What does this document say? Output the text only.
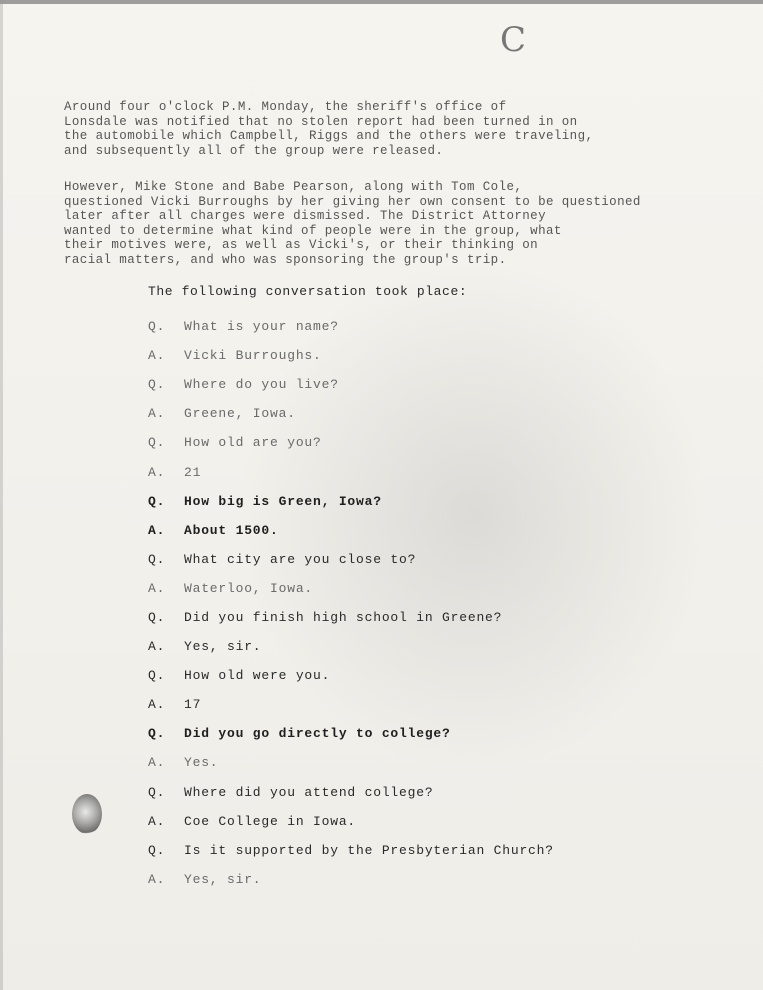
C
Around four o'clock P.M. Monday, the sheriff's office of
Lonsdale was notified that no stolen report had been turned in on
the automobile which Campbell, Riggs and the others were traveling,
and subsequently all of the group were released.
However, Mike Stone and Babe Pearson, along with Tom Cole,
questioned Vicki Burroughs by her giving her own consent to be questioned
later after all charges were dismissed. The District Attorney
wanted to determine what kind of people were in the group, what
their motives were, as well as Vicki's, or their thinking on
racial matters, and who was sponsoring the group's trip.
The following conversation took place:
Q.	What is your name?
A.	Vicki Burroughs.
Q.	Where do you live?
A.	Greene, Iowa.
Q.	How old are you?
A.	21
Q.	How big is Green, Iowa?
A.	About 1500.
Q.	What city are you close to?
A.	Waterloo, Iowa.
Q.	Did you finish high school in Greene?
A.	Yes, sir.
Q.	How old were you.
A.	17
Q.	Did you go directly to college?
A.	Yes.
Q.	Where did you attend college?
A.	Coe College in Iowa.
Q.	Is it supported by the Presbyterian Church?
A.	Yes, sir.
